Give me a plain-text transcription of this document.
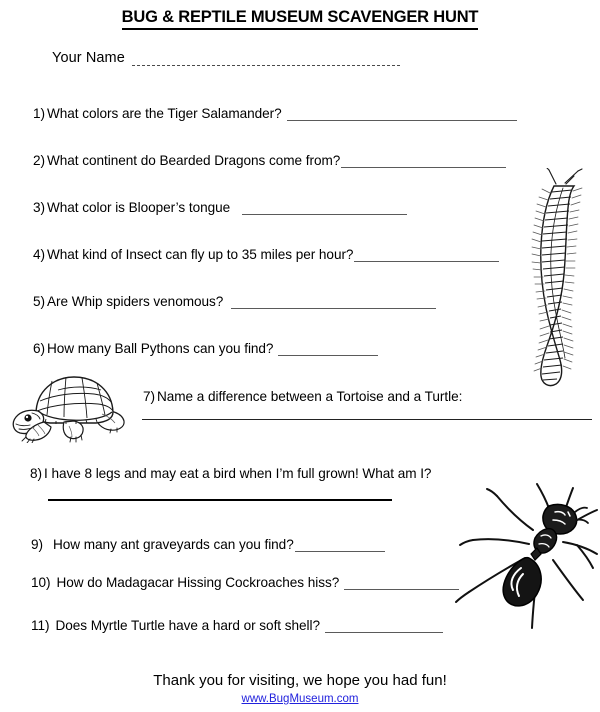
BUG & REPTILE MUSEUM SCAVENGER HUNT
Your Name
1) What colors are the Tiger Salamander?
2) What continent do Bearded Dragons come from?
3) What color is Blooper’s tongue
4) What kind of Insect can fly up to 35 miles per hour?
5) Are Whip spiders venomous?
6) How many Ball Pythons can you find?
7) Name a difference between a Tortoise and a Turtle:
8) I have 8 legs and may eat a bird when I’m full grown! What am I?
9) How many ant graveyards can you find?
10) How do Madagacar Hissing Cockroaches hiss?
11) Does Myrtle Turtle have a hard or soft shell?
Thank you for visiting, we hope you had fun!
www.BugMuseum.com
